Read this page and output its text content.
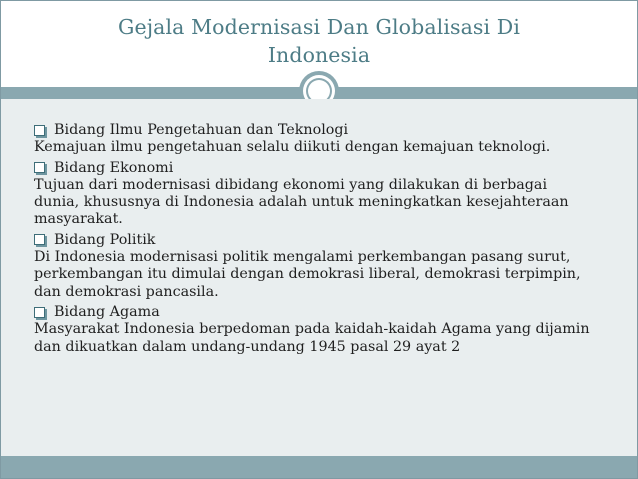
Gejala Modernisasi Dan Globalisasi Di
Indonesia
Bidang Ilmu Pengetahuan dan Teknologi
Kemajuan ilmu pengetahuan selalu diikuti dengan kemajuan teknologi.
Bidang Ekonomi
Tujuan dari modernisasi dibidang ekonomi yang dilakukan di berbagai dunia, khususnya di Indonesia adalah untuk meningkatkan kesejahteraan masyarakat.
Bidang Politik
Di Indonesia modernisasi politik mengalami perkembangan pasang surut, perkembangan itu dimulai dengan demokrasi liberal, demokrasi terpimpin, dan demokrasi pancasila.
Bidang Agama
Masyarakat Indonesia berpedoman pada kaidah-kaidah Agama yang dijamin dan dikuatkan dalam undang-undang 1945 pasal 29 ayat 2
